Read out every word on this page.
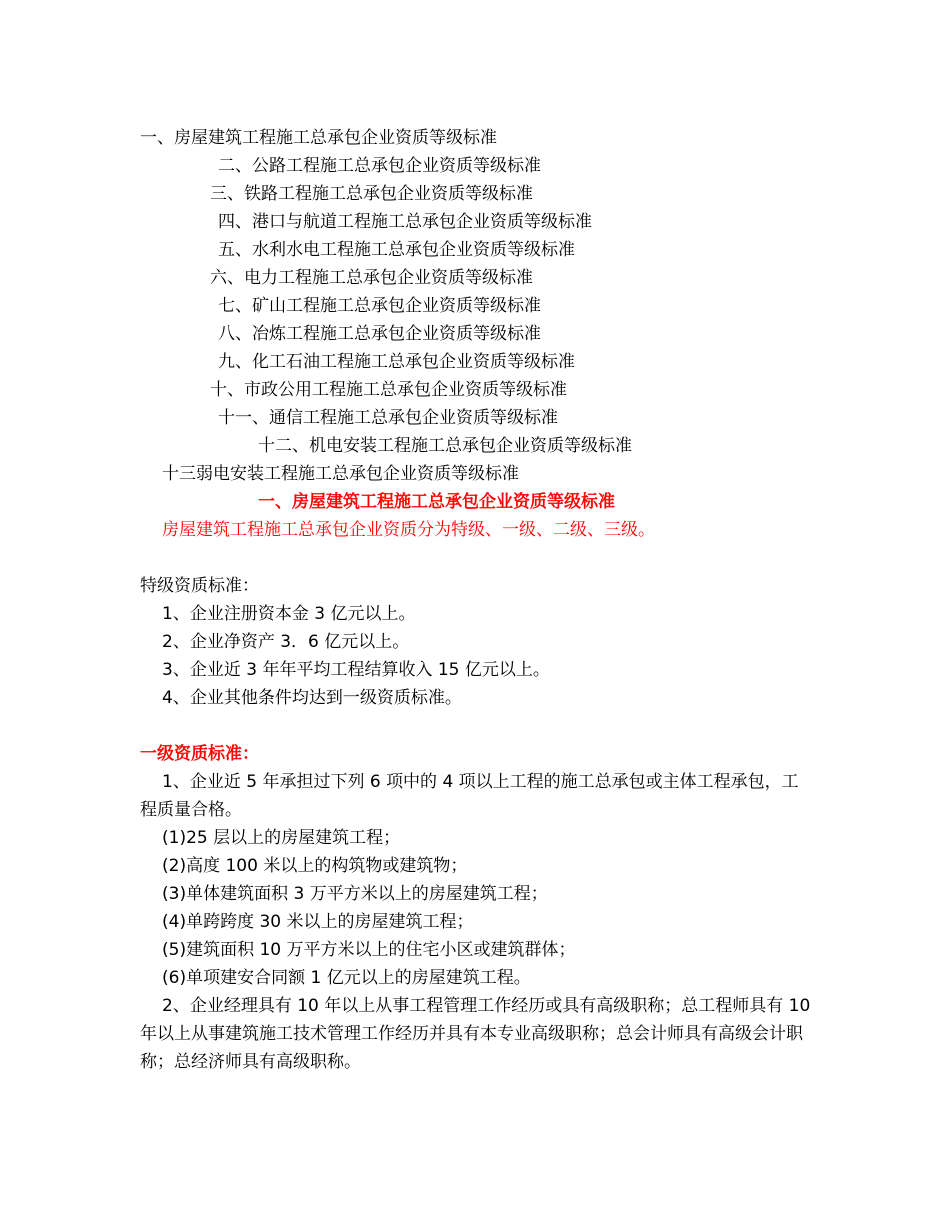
一、房屋建筑工程施工总承包企业资质等级标准
二、公路工程施工总承包企业资质等级标准
三、铁路工程施工总承包企业资质等级标准
四、港口与航道工程施工总承包企业资质等级标准
五、水利水电工程施工总承包企业资质等级标准
六、电力工程施工总承包企业资质等级标准
七、矿山工程施工总承包企业资质等级标准
八、冶炼工程施工总承包企业资质等级标准
九、化工石油工程施工总承包企业资质等级标准
十、市政公用工程施工总承包企业资质等级标准
十一、通信工程施工总承包企业资质等级标准
十二、机电安装工程施工总承包企业资质等级标准
十三弱电安装工程施工总承包企业资质等级标准
一、房屋建筑工程施工总承包企业资质等级标准
房屋建筑工程施工总承包企业资质分为特级、一级、二级、三级。
特级资质标准：
1、企业注册资本金 3 亿元以上。
2、企业净资产 3．6 亿元以上。
3、企业近 3 年年平均工程结算收入 15 亿元以上。
4、企业其他条件均达到一级资质标准。
一级资质标准：
1、企业近 5 年承担过下列 6 项中的 4 项以上工程的施工总承包或主体工程承包，工程质量合格。
(1)25 层以上的房屋建筑工程；
(2)高度 100 米以上的构筑物或建筑物；
(3)单体建筑面积 3 万平方米以上的房屋建筑工程；
(4)单跨跨度 30 米以上的房屋建筑工程；
(5)建筑面积 10 万平方米以上的住宅小区或建筑群体；
(6)单项建安合同额 1 亿元以上的房屋建筑工程。
2、企业经理具有 10 年以上从事工程管理工作经历或具有高级职称；总工程师具有 10 年以上从事建筑施工技术管理工作经历并具有本专业高级职称；总会计师具有高级会计职称；总经济师具有高级职称。
